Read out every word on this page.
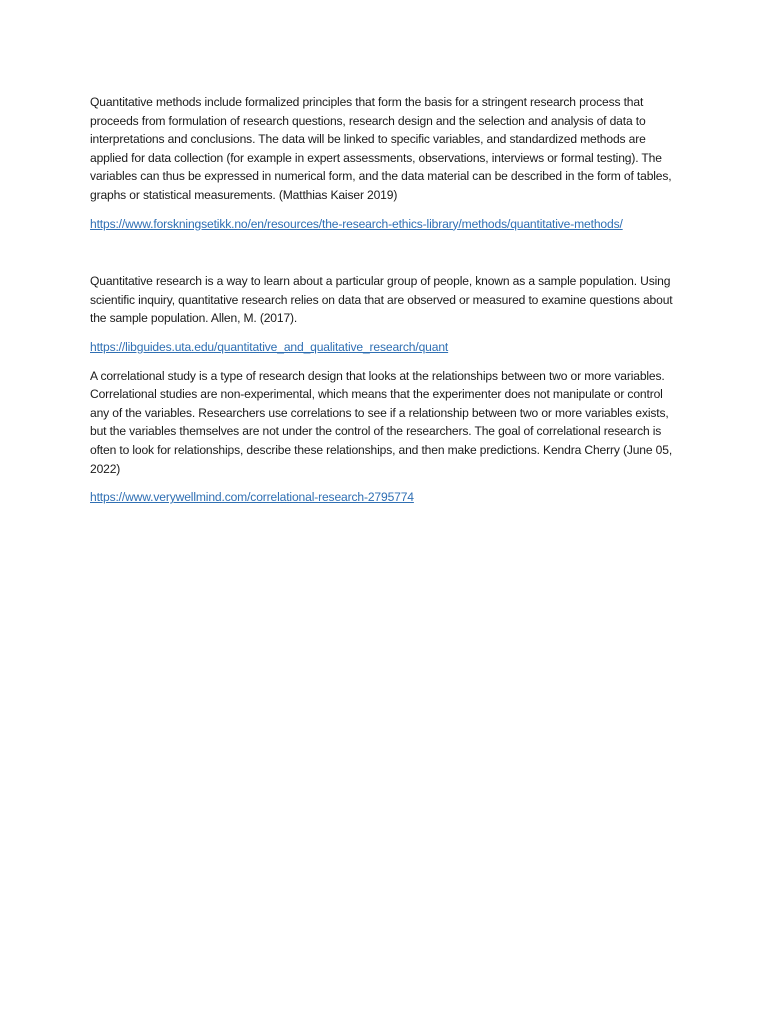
Quantitative methods include formalized principles that form the basis for a stringent research process that proceeds from formulation of research questions, research design and the selection and analysis of data to interpretations and conclusions. The data will be linked to specific variables, and standardized methods are applied for data collection (for example in expert assessments, observations, interviews or formal testing). The variables can thus be expressed in numerical form, and the data material can be described in the form of tables, graphs or statistical measurements. (Matthias Kaiser 2019)

https://www.forskningsetikk.no/en/resources/the-research-ethics-library/methods/quantitative-methods/

Quantitative research is a way to learn about a particular group of people, known as a sample population. Using scientific inquiry, quantitative research relies on data that are observed or measured to examine questions about the sample population. Allen, M. (2017).

https://libguides.uta.edu/quantitative_and_qualitative_research/quant

A correlational study is a type of research design that looks at the relationships between two or more variables. Correlational studies are non-experimental, which means that the experimenter does not manipulate or control any of the variables. Researchers use correlations to see if a relationship between two or more variables exists, but the variables themselves are not under the control of the researchers. The goal of correlational research is often to look for relationships, describe these relationships, and then make predictions. Kendra Cherry (June 05, 2022)

https://www.verywellmind.com/correlational-research-2795774
